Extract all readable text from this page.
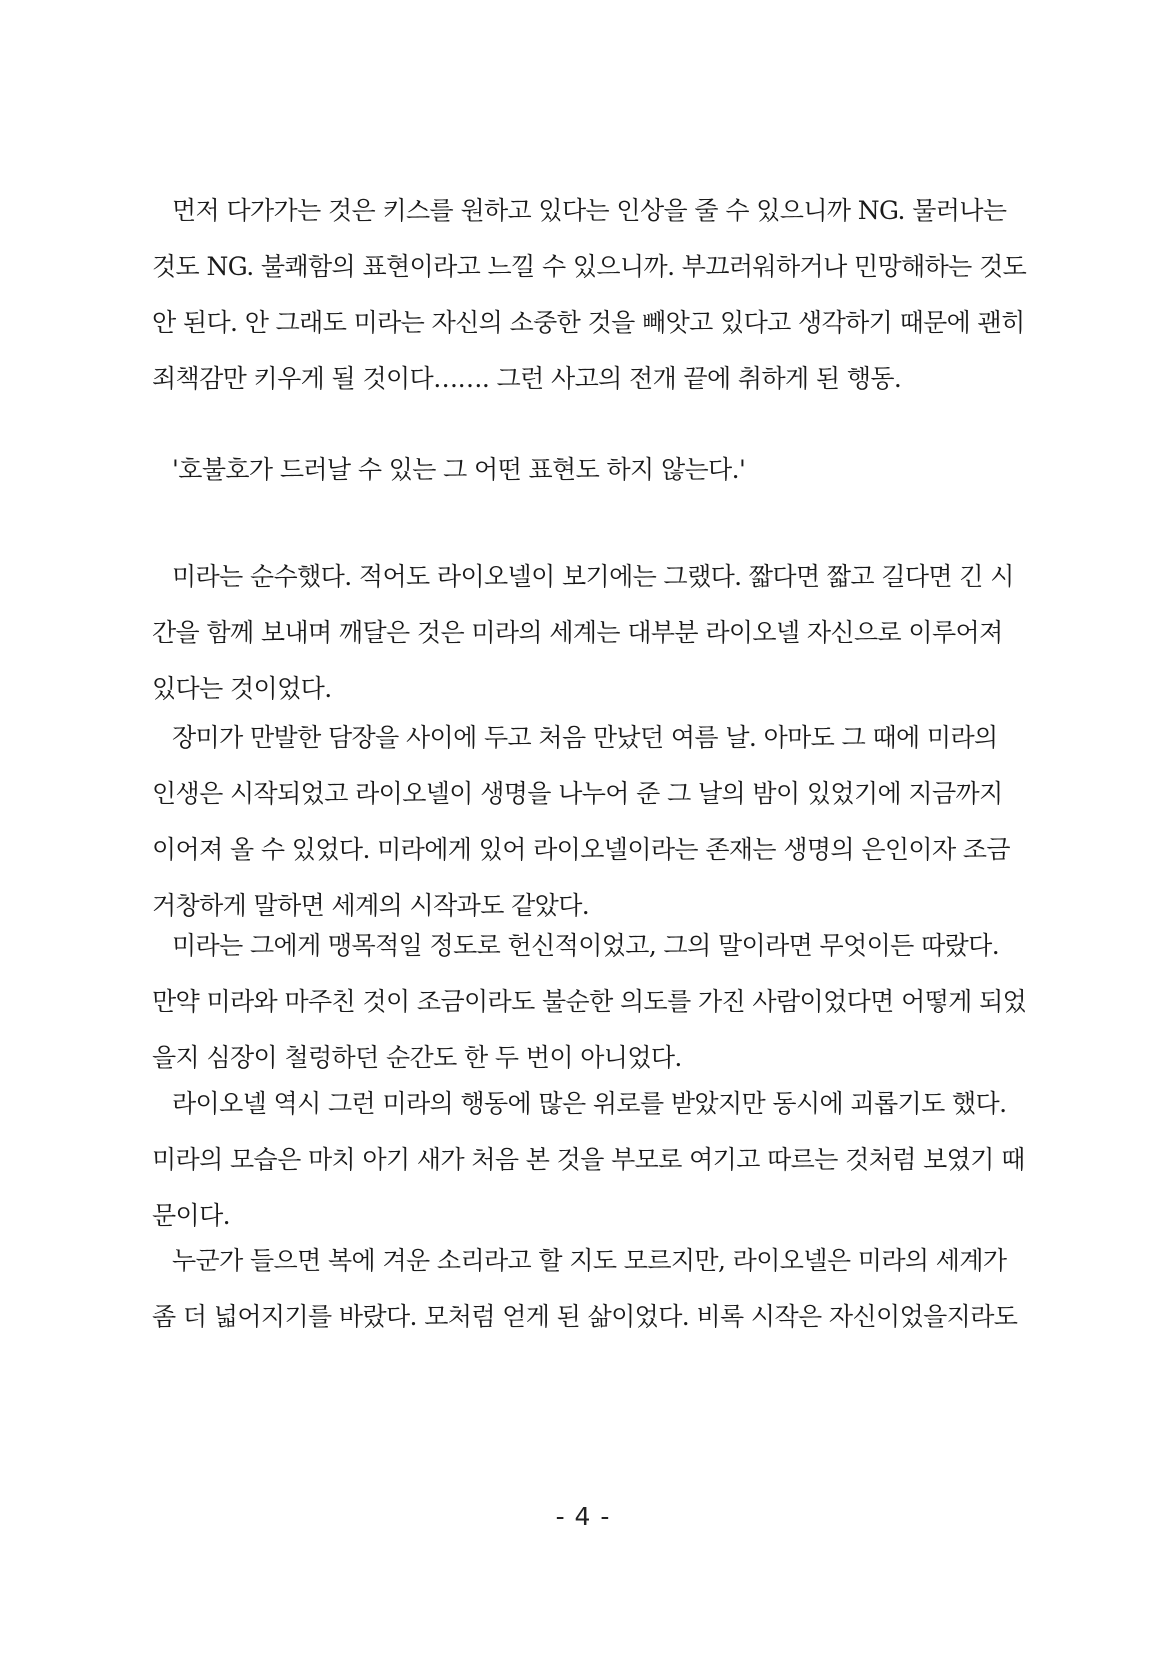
먼저 다가가는 것은 키스를 원하고 있다는 인상을 줄 수 있으니까 NG. 물러나는
것도 NG. 불쾌함의 표현이라고 느낄 수 있으니까. 부끄러워하거나 민망해하는 것도
안 된다. 안 그래도 미라는 자신의 소중한 것을 빼앗고 있다고 생각하기 때문에 괜히
죄책감만 키우게 될 것이다……. 그런 사고의 전개 끝에 취하게 된 행동.
'호불호가 드러날 수 있는 그 어떤 표현도 하지 않는다.'
미라는 순수했다. 적어도 라이오넬이 보기에는 그랬다. 짧다면 짧고 길다면 긴 시
간을 함께 보내며 깨달은 것은 미라의 세계는 대부분 라이오넬 자신으로 이루어져
있다는 것이었다.
장미가 만발한 담장을 사이에 두고 처음 만났던 여름 날. 아마도 그 때에 미라의
인생은 시작되었고 라이오넬이 생명을 나누어 준 그 날의 밤이 있었기에 지금까지
이어져 올 수 있었다. 미라에게 있어 라이오넬이라는 존재는 생명의 은인이자 조금
거창하게 말하면 세계의 시작과도 같았다.
미라는 그에게 맹목적일 정도로 헌신적이었고, 그의 말이라면 무엇이든 따랐다.
만약 미라와 마주친 것이 조금이라도 불순한 의도를 가진 사람이었다면 어떻게 되었
을지 심장이 철렁하던 순간도 한 두 번이 아니었다.
라이오넬 역시 그런 미라의 행동에 많은 위로를 받았지만 동시에 괴롭기도 했다.
미라의 모습은 마치 아기 새가 처음 본 것을 부모로 여기고 따르는 것처럼 보였기 때
문이다.
누군가 들으면 복에 겨운 소리라고 할 지도 모르지만, 라이오넬은 미라의 세계가
좀 더 넓어지기를 바랐다. 모처럼 얻게 된 삶이었다. 비록 시작은 자신이었을지라도
- 4 -
